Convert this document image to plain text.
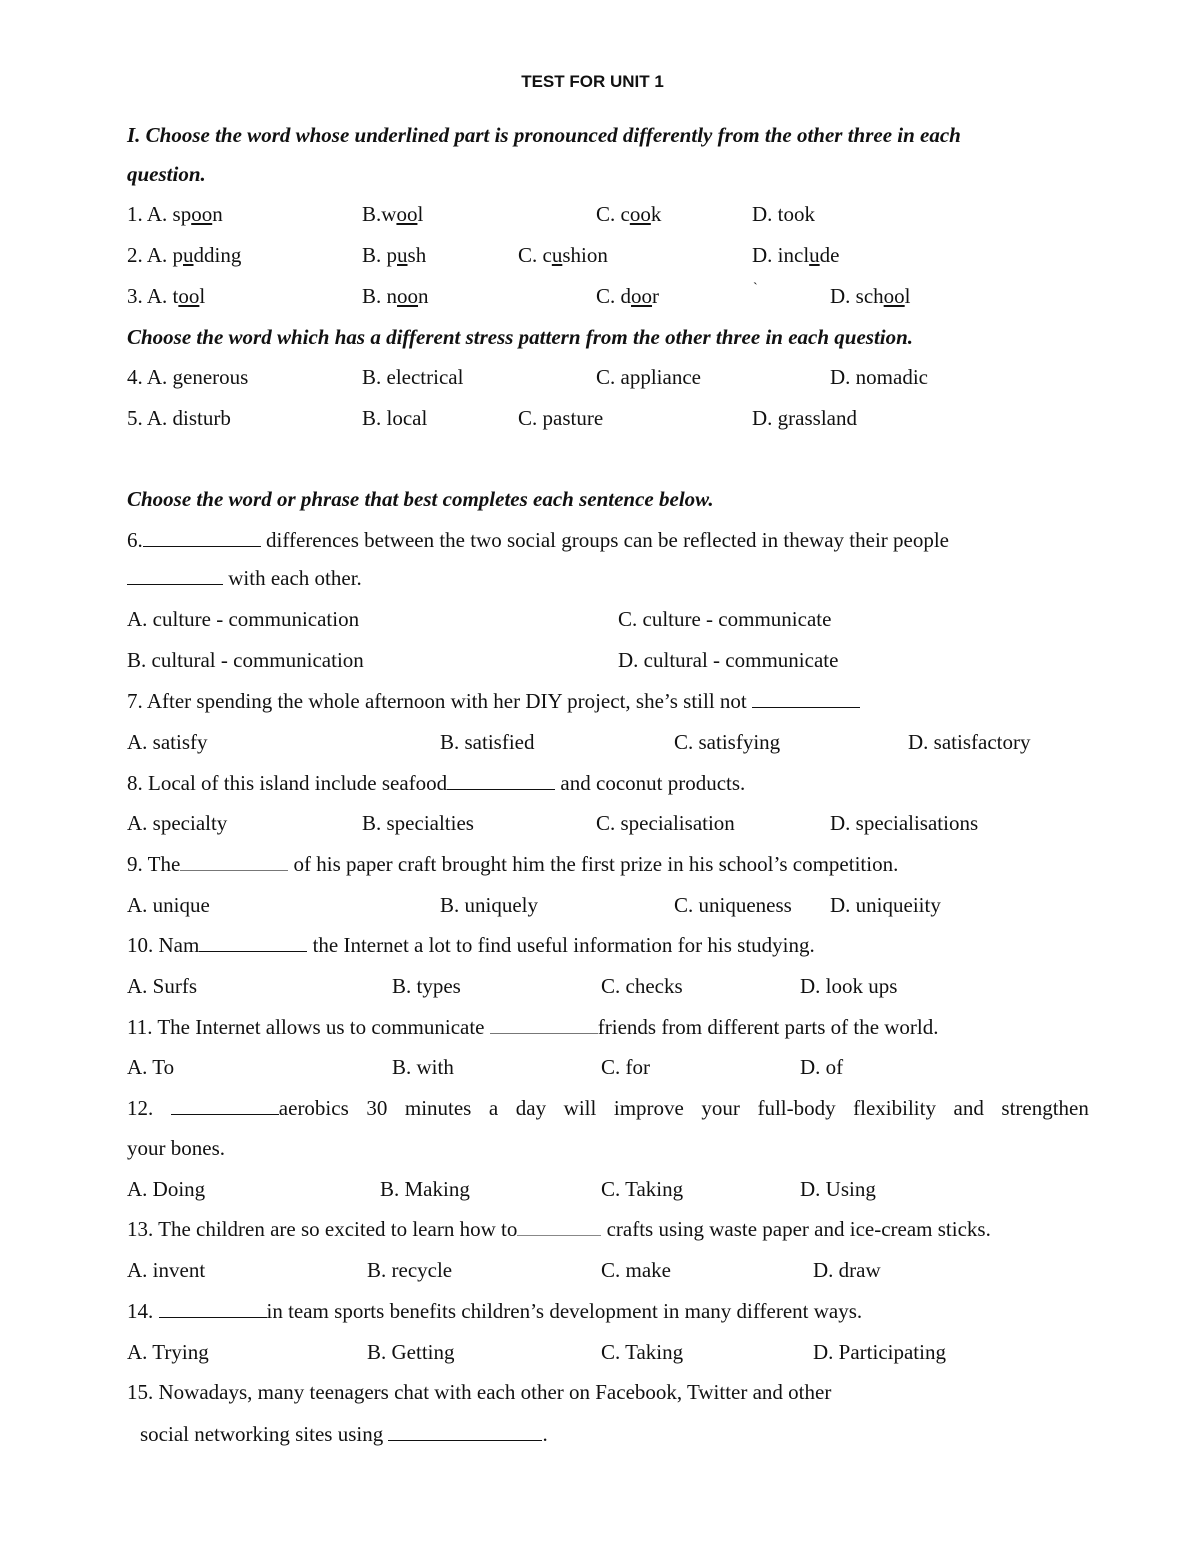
TEST FOR UNIT 1
I. Choose the word whose underlined part is pronounced differently from the other three in each
question.
1. A. spoon	B.wool	C. cook	D. took
2. A. pudding	B. push	C. cushion	D. include
3. A. tool	B. noon	C. door	`	D. school
Choose the word which has a different stress pattern from the other three in each question.
4. A. generous	B. electrical	C. appliance	D. nomadic
5. A. disturb	B. local	C. pasture	D. grassland
Choose the word or phrase that best completes each sentence below.
6.	differences between the two social groups can be reflected in theway their people
with each other.
A. culture - communication	C. culture - communicate
B. cultural - communication	D. cultural - communicate
7. After spending the whole afternoon with her DIY project, she’s still not
A. satisfy	B. satisfied	C. satisfying	D. satisfactory
8. Local of this island include seafood	and coconut products.
A. specialty	B. specialties	C. specialisation	D. specialisations
9. The	of his paper craft brought him the first prize in his school’s competition.
A. unique	B. uniquely	C. uniqueness D. uniqueiity
10. Nam	the Internet a lot to find useful information for his studying.
A. Surfs	B. types	C. checks	D. look ups
11. The Internet allows us to communicate	friends from different parts of the world.
A. To	B. with	C. for	D. of
12.	aerobics 30 minutes a day will improve your full-body flexibility and strengthen
your bones.
A. Doing	B. Making	C. Taking	D. Using
13. The children are so excited to learn how to	crafts using waste paper and ice-cream sticks.
A. invent	B. recycle	C. make	D. draw
14.	in team sports benefits children’s development in many different ways.
A. Trying	B. Getting	C. Taking	D. Participating
15. Nowadays, many teenagers chat with each other on Facebook, Twitter and other
social networking sites using	.
